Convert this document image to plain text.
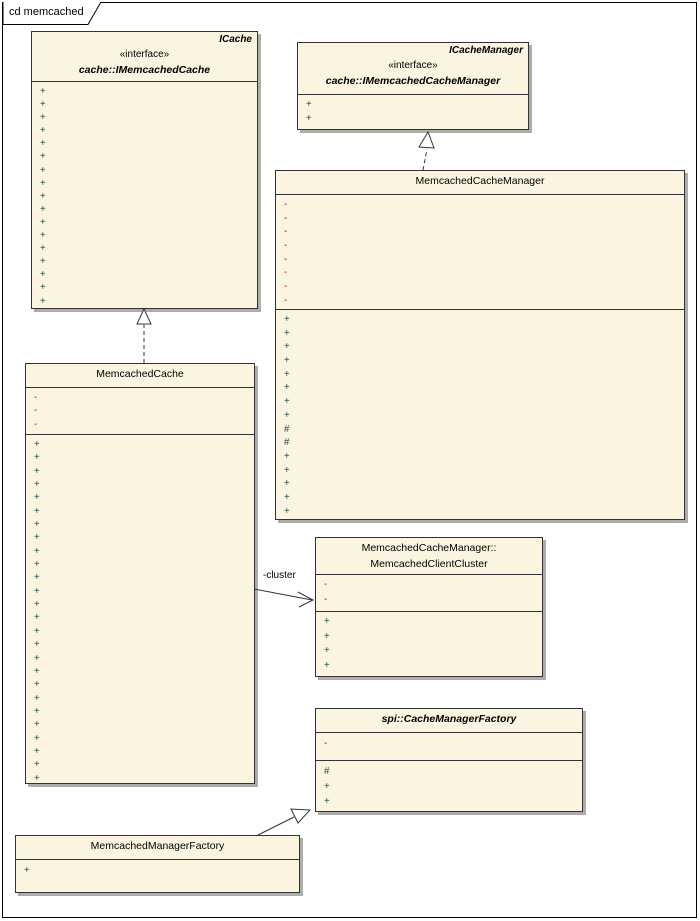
cd memcached
ICache
«interface»
cache::IMemcachedCache
+
+
+
+
+
+
+
+
+
+
+
+
+
+
+
+
+
ICacheManager
«interface»
cache::IMemcachedCacheManager
+
+
MemcachedCacheManager
-
-
-
-
-
-
-
-
+
+
+
+
+
+
+
+
#
#
+
+
+
+
+
MemcachedCache
-
-
-
+
+
+
+
+
+
+
+
+
+
+
+
+
+
+
+
+
+
+
+
+
+
+
+
+
+
MemcachedCacheManager::
MemcachedClientCluster
-
-
+
+
+
+
spi::CacheManagerFactory
-
#
+
+
MemcachedManagerFactory
+
-cluster
